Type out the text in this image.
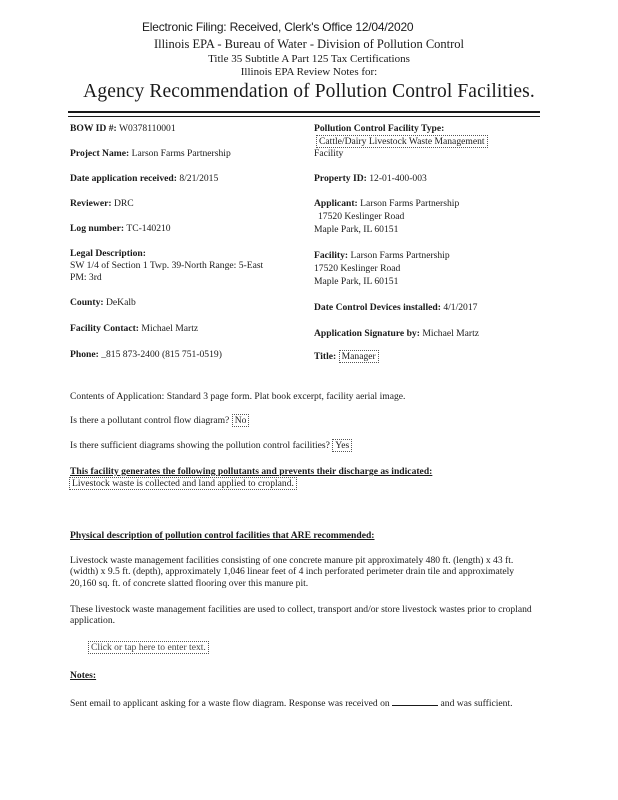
Electronic Filing: Received, Clerk's Office 12/04/2020
Illinois EPA - Bureau of Water - Division of Pollution Control
Title 35 Subtitle A Part 125 Tax Certifications
Illinois EPA Review Notes for:
Agency Recommendation of Pollution Control Facilities.
BOW ID #: W0378110001
Project Name: Larson Farms Partnership
Date application received: 8/21/2015
Reviewer: DRC
Log number: TC-140210
Legal Description:
SW 1/4 of Section 1 Twp. 39-North Range: 5-East
PM: 3rd
County: DeKalb
Facility Contact: Michael Martz
Phone: _815 873-2400 (815 751-0519)
Pollution Control Facility Type:
Cattle/Dairy Livestock Waste Management
Facility
Property ID: 12-01-400-003
Applicant: Larson Farms Partnership
17520 Keslinger Road
Maple Park, IL 60151
Facility: Larson Farms Partnership
17520 Keslinger Road
Maple Park, IL 60151
Date Control Devices installed: 4/1/2017
Application Signature by: Michael Martz
Title: Manager
Contents of Application: Standard 3 page form. Plat book excerpt, facility aerial image.
Is there a pollutant control flow diagram? No
Is there sufficient diagrams showing the pollution control facilities? Yes
This facility generates the following pollutants and prevents their discharge as indicated:
Livestock waste is collected and land applied to cropland.
Physical description of pollution control facilities that ARE recommended:
Livestock waste management facilities consisting of one concrete manure pit approximately 480 ft. (length) x 43 ft. (width) x 9.5 ft. (depth), approximately 1,046 linear feet of 4 inch perforated perimeter drain tile and approximately 20,160 sq. ft. of concrete slatted flooring over this manure pit.
These livestock waste management facilities are used to collect, transport and/or store livestock wastes prior to cropland application.
Click or tap here to enter text.
Notes:
Sent email to applicant asking for a waste flow diagram. Response was received on	and was sufficient.
